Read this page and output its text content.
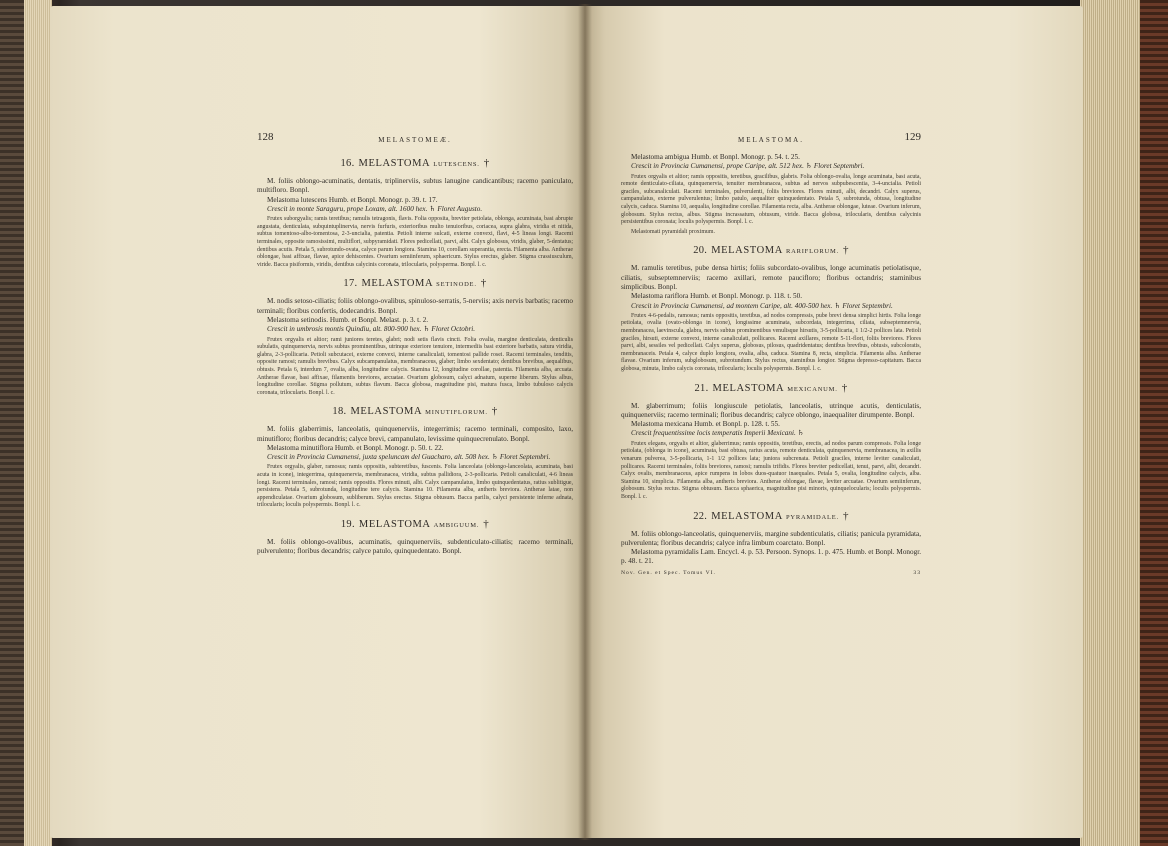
128	MELASTOMEÆ.
16. MELASTOMA LUTESCENS. †

M. foliis oblongo-acuminatis, dentatis, triplinerviis, subtus lanugine candicantibus; racemo paniculato, multifloro. Bonpl.

Melastoma lutescens Humb. et Bonpl. Monogr. p. 39. t. 17.

Crescit in monte Saraguru, prope Loxam, alt. 1600 hex. ♄ Floret Augusto.

Frutex suborgyalis; ramis teretibus; ramulis tetragonis, flavis. Folia opposita, breviter petiolata, oblonga, acuminata, basi abrupte angustata, denticulata, subquintuplinervia, nervis furfuris, exterioribus multo tenuioribus, coriacea, supra glabra, viridia et nitida, subtus tomentoso-albo-tomentosa, 2-3-uncialia, patentia. Petioli interne sulcati, externe convexi, flavi, 4-5 lineas longi. Racemi terminales, opposite ramosissimi, multiflori, subpyramidati. Flores pedicellati, parvi, albi. Calyx globosus, viridis, glaber, 5-dentatus; dentibus acutis. Petala 5, subrotundo-ovata, calyce parum longiora. Stamina 10, corollam superantia, erecta. Filamenta alba. Antherae oblongae, basi affixae, flavae, apice dehiscentes. Ovarium semiinferum, sphaericum. Stylus erectus, glaber. Stigma crassiusculum, viride. Bacca pisiformis, viridis, dentibus calycinis coronata, trilocularis, polysperma. Bonpl. l. c.

17. MELASTOMA SETINODE. †

M. nodis setoso-ciliatis; foliis oblongo-ovalibus, spinuloso-serratis, 5-nerviis; axis nervis barbatis; racemo terminali; floribus confertis, dodecandris. Bonpl.

Melastoma setinodis. Humb. et Bonpl. Melast. p. 3. t. 2.

Crescit in umbrosis montis Quindiu, alt. 800-900 hex. ♄ Floret Octobri.

Frutex orgyalis et altior; rami juniores teretes, glabri; nodi setis flavis cincti. Folia ovalia, margine denticulata, denticulis subulatis, quinquenervia, nervis subtus prominentibus, utrinque exteriore tenuiore, intermediis basi exteriore barbatis, satura viridia, glabra, 2-3-pollicaria. Petioli subcutacei, externe convexi, interne canaliculati, tomentosi pallide rosei. Racemi terminales, tenditis, opposite ramosi; ramulis brevibus. Calyx subcampanulatus, membranaceus, glaber; limbo sexdentato; dentibus brevibus, aequalibus, obtusis. Petala 6, interdum 7, ovalia, alba, longitudine calycis. Stamina 12, longitudine corollae, patentia. Filamenta alba, arcuata. Antherae flavae, basi affixae, filamentis breviores, arcuatae. Ovarium globosum, calyci adnatum, superne liberum. Stylus albus, longitudine corollae. Stigma pollutum, subtus flavum. Bacca globosa, magnitudine pisi, matura fusca, limbo tubuloso calycis coronata, trilocularis. Bonpl. l. c.

18. MELASTOMA MINUTIFLORUM. †

M. foliis glaberrimis, lanceolatis, quinquenerviis, integerrimis; racemo terminali, composito, laxo, minutifloro; floribus decandris; calyce brevi, campanulato, levissime quinquecrenulato. Bonpl.

Melastoma minutiflora Humb. et Bonpl. Monogr. p. 50. t. 22.

Crescit in Provincia Cumanensi, juxta speluncam del Guacharo, alt. 508 hex. ♄ Floret Septembri.

Frutex orgyalis, glaber, ramosus; ramis oppositis, subteretibus, fuscenis. Folia lanceolata (oblongo-lanceolata, acuminata, basi acuta in icone), integerrima, quinquenervia, membranacea, viridia, subtus pallidiora, 2-3-pollicaria. Petioli canaliculati, 4-6 lineas longi. Racemi terminales, ramosi; ramis oppositis. Flores minuti, albi. Calyx campanulatus, limbo quinquedentatus, ratius sublitigue, persistens. Petala 5, subrotunda, longitudine tere calycis. Stamina 10. Filamenta alba, antheris breviora. Antherae latae, non appendiculatae. Ovarium globosum, subliberum. Stylus erectus. Stigma obtusum. Bacca parilis, calyci persistente inferne adnata, trilocularis; loculis polyspermis. Bonpl. l. c.

19. MELASTOMA AMBIGUUM. †

M. foliis oblongo-ovalibus, acuminatis, quinquenerviis, subdenticulato-ciliatis; racemo terminali, pulverulento; floribus decandris; calyce patulo, quinquedentato. Bonpl.

MELASTOMA.	129

Melastoma ambigua Humb. et Bonpl. Monogr. p. 54. t. 25.

Crescit in Provincia Cumanensi, prope Caripe, alt. 512 hex. ♄ Floret Septembri.

Frutex orgyalis et altior; ramis oppositis, teretibus, gracilibus, glabris. Folia oblongo-ovalia, longe acuminata, basi acuta, remote denticulato-ciliata, quinquenervia, tenuiter membranacea, subtus ad nervos subpubescentia, 3-4-uncialia. Petioli graciles, subcanaliculati. Racemi terminales, pulverulenti, foliis breviores. Flores minuti, albi, decandri. Calyx superus, campanulatus, externe pulverulentus; limbo patulo, aequaliter quinquedentato. Petala 5, subrotunda, obtusa, longitudine calycis, caduca. Stamina 10, aequalia, longitudine corollae. Filamenta recta, alba. Antherae oblongae, luteae. Ovarium inferum, globosum. Stylus rectus, albus. Stigma incrassatum, obtusum, viride. Bacca globosa, trilocularis, dentibus calycinis persistentibus coronata; loculis polyspermis. Bonpl. l. c.

Melastomati pyramidali proximum.

20. MELASTOMA RARIFLORUM. †

M. ramulis teretibus, pube densa hirtis; foliis subcordato-ovalibus, longe acuminatis petiolatisque, ciliatis, subseptemnerviis; racemo axillari, remote paucifloro; floribus octandris; staminibus simplicibus. Bonpl.

Melastoma rariflora Humb. et Bonpl. Monogr. p. 118. t. 50.

Crescit in Provincia Cumanensi, ad montem Caripe, alt. 400-500 hex. ♄ Floret Septembri.

Frutex 4-6-pedalis, ramosus; ramis oppositis, teretibus, ad nodos compressis, pube brevi densa simplici hirtis. Folia longe petiolata, ovalia (ovato-oblonga in icone), longissime acuminata, subcordata, integerrima, ciliata, subseptemnervia, membranacea, laevinscula, glabra, nervis subtus prominentibus venulisque hirsutis, 3-5-pollicaria, 1 1/2-2 pollices lata. Petioli graciles, hirsuti, externe convexi, interne canaliculati, pollicares. Racemi axillares, remote 5-11-flori, foliis breviores. Flores parvi, albi, sessiles vel pedicellati. Calyx superus, globosus, pilosus, quadridentatus; dentibus brevibus, obtusis, subcoloratis, membranaceis. Petala 4, calyce duplo longiora, ovalia, alba, caduca. Stamina 8, recta, simplicia. Filamenta alba. Antherae flavae. Ovarium inferum, subglobosum, subrotundum. Stylus rectus, staminibus longior. Stigma depresso-capitatum. Bacca globosa, minuta, limbo calycis coronata, trilocularis; loculis polyspermis. Bonpl. l. c.

21. MELASTOMA MEXICANUM. †

M. glaberrimum; foliis longiuscule petiolatis, lanceolatis, utrinque acutis, denticulatis, quinquenerviis; racemo terminali; floribus decandris; calyce oblongo, inaequaliter dirumpente. Bonpl.

Melastoma mexicana Humb. et Bonpl. p. 128. t. 55.

Crescit frequentissime locis temperatis Imperii Mexicani. ♄

Frutex elegans, orgyalis et altior, glaberrimus; ramis oppositis, teretibus, erectis, ad nodos parum compressis. Folia longe petiolata, (oblonga in icone), acuminata, basi obtusa, rarius acuta, remote denticulata, quinquenervia, membranacea, in axillis venarum pulverea, 3-5-pollicaria, 1-1 1/2 pollices lata; juniora subcrenata. Petioli graciles, interne leviter canaliculati, pollicares. Racemi terminales, foliis breviores, ramosi; ramulis trifidis. Flores breviter pedicellati, tenui, parvi, albi, decandri. Calyx ovalis, membranaceus, apice rumpens in lobos duos-quatuor inaequales. Petala 5, ovalia, longitudine calycis, alba. Stamina 10, simplicia. Filamenta alba, antheris breviora. Antherae oblongae, flavae, leviter arcuatae. Ovarium semiinferum, globosum. Stylus rectus. Stigma obtusum. Bacca sphaerica, magnitudine pisi minoris, quinquelocularis; loculis polyspermis. Bonpl. l. c.

22. MELASTOMA PYRAMIDALE. †

M. foliis oblongo-lanceolatis, quinquenerviis, margine subdenticulatis, ciliatis; panicula pyramidata, pulverulenta; floribus decandris; calyce infra limbum coarctato. Bonpl.

Melastoma pyramidalis Lam. Encycl. 4. p. 53. Persoon. Synops. 1. p. 475. Humb. et Bonpl. Monogr. p. 48. t. 21.

Nov. Gen. et Spec. Tomus VI.	33
